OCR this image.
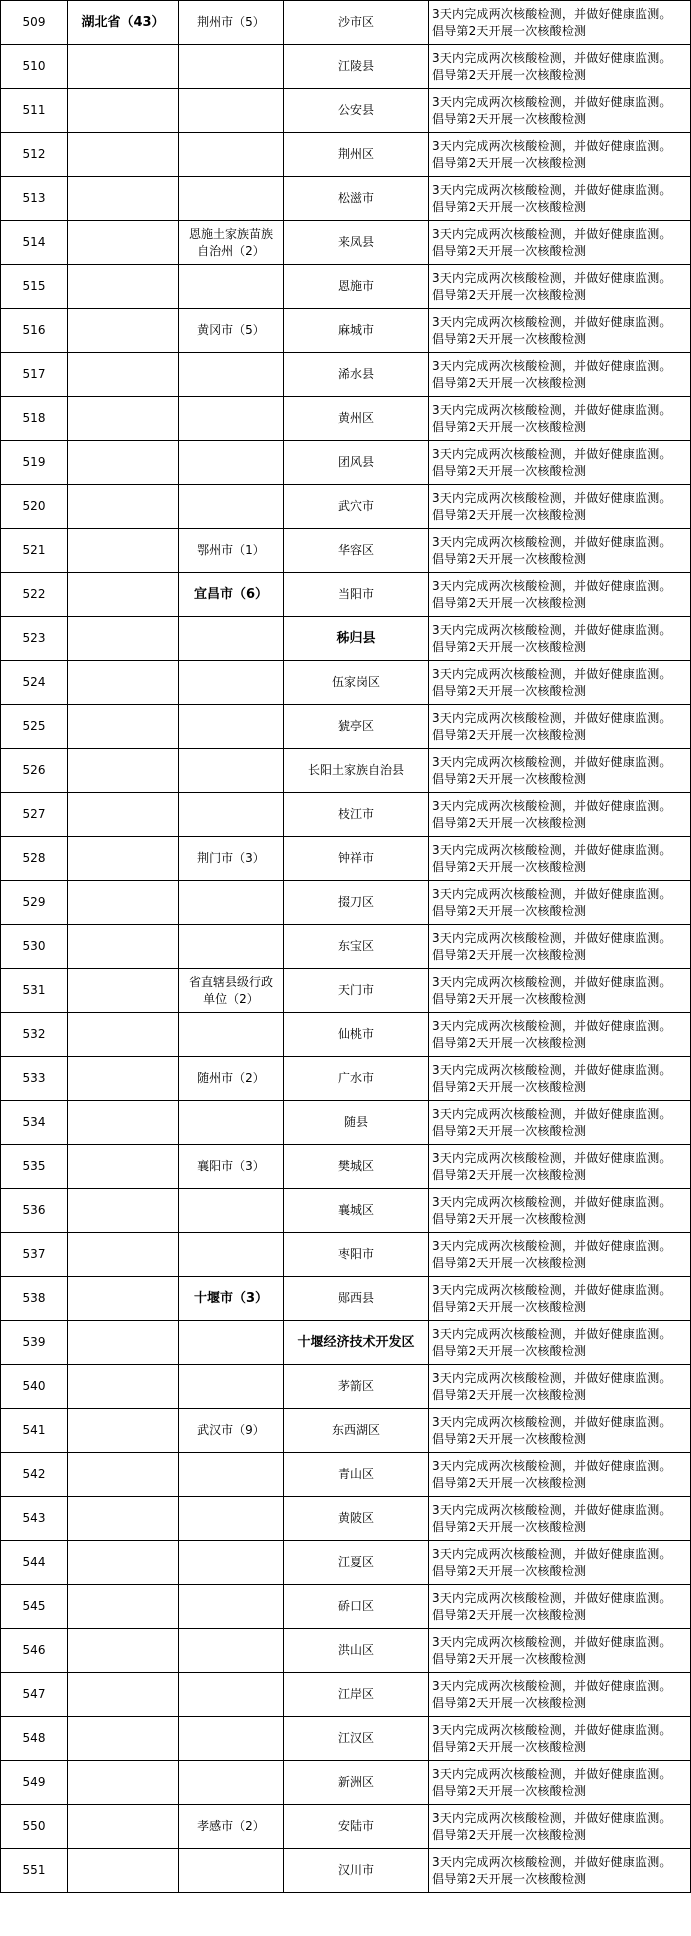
509	湖北省（43）	荆州市（5）	沙市区	3天内完成两次核酸检测，并做好健康监测。
倡导第2天开展一次核酸检测

510			江陵县	3天内完成两次核酸检测，并做好健康监测。
倡导第2天开展一次核酸检测

511			公安县	3天内完成两次核酸检测，并做好健康监测。
倡导第2天开展一次核酸检测

512			荆州区	3天内完成两次核酸检测，并做好健康监测。
倡导第2天开展一次核酸检测

513			松滋市	3天内完成两次核酸检测，并做好健康监测。
倡导第2天开展一次核酸检测

514		恩施土家族苗族自治州（2）	来凤县	3天内完成两次核酸检测，并做好健康监测。
倡导第2天开展一次核酸检测

515			恩施市	3天内完成两次核酸检测，并做好健康监测。
倡导第2天开展一次核酸检测

516		黄冈市（5）	麻城市	3天内完成两次核酸检测，并做好健康监测。
倡导第2天开展一次核酸检测

517			浠水县	3天内完成两次核酸检测，并做好健康监测。
倡导第2天开展一次核酸检测

518			黄州区	3天内完成两次核酸检测，并做好健康监测。
倡导第2天开展一次核酸检测

519			团风县	3天内完成两次核酸检测，并做好健康监测。
倡导第2天开展一次核酸检测

520			武穴市	3天内完成两次核酸检测，并做好健康监测。
倡导第2天开展一次核酸检测

521		鄂州市（1）	华容区	3天内完成两次核酸检测，并做好健康监测。
倡导第2天开展一次核酸检测

522		宜昌市（6）	当阳市	3天内完成两次核酸检测，并做好健康监测。
倡导第2天开展一次核酸检测

523			秭归县	3天内完成两次核酸检测，并做好健康监测。
倡导第2天开展一次核酸检测

524			伍家岗区	3天内完成两次核酸检测，并做好健康监测。
倡导第2天开展一次核酸检测

525			猇亭区	3天内完成两次核酸检测，并做好健康监测。
倡导第2天开展一次核酸检测

526			长阳土家族自治县	3天内完成两次核酸检测，并做好健康监测。
倡导第2天开展一次核酸检测

527			枝江市	3天内完成两次核酸检测，并做好健康监测。
倡导第2天开展一次核酸检测

528		荆门市（3）	钟祥市	3天内完成两次核酸检测，并做好健康监测。
倡导第2天开展一次核酸检测

529			掇刀区	3天内完成两次核酸检测，并做好健康监测。
倡导第2天开展一次核酸检测

530			东宝区	3天内完成两次核酸检测，并做好健康监测。
倡导第2天开展一次核酸检测

531		省直辖县级行政单位（2）	天门市	3天内完成两次核酸检测，并做好健康监测。
倡导第2天开展一次核酸检测

532			仙桃市	3天内完成两次核酸检测，并做好健康监测。
倡导第2天开展一次核酸检测

533		随州市（2）	广水市	3天内完成两次核酸检测，并做好健康监测。
倡导第2天开展一次核酸检测

534			随县	3天内完成两次核酸检测，并做好健康监测。
倡导第2天开展一次核酸检测

535		襄阳市（3）	樊城区	3天内完成两次核酸检测，并做好健康监测。
倡导第2天开展一次核酸检测

536			襄城区	3天内完成两次核酸检测，并做好健康监测。
倡导第2天开展一次核酸检测

537			枣阳市	3天内完成两次核酸检测，并做好健康监测。
倡导第2天开展一次核酸检测

538		十堰市（3）	郧西县	3天内完成两次核酸检测，并做好健康监测。
倡导第2天开展一次核酸检测

539			十堰经济技术开发区	3天内完成两次核酸检测，并做好健康监测。
倡导第2天开展一次核酸检测

540			茅箭区	3天内完成两次核酸检测，并做好健康监测。
倡导第2天开展一次核酸检测

541		武汉市（9）	东西湖区	3天内完成两次核酸检测，并做好健康监测。
倡导第2天开展一次核酸检测

542			青山区	3天内完成两次核酸检测，并做好健康监测。
倡导第2天开展一次核酸检测

543			黄陂区	3天内完成两次核酸检测，并做好健康监测。
倡导第2天开展一次核酸检测

544			江夏区	3天内完成两次核酸检测，并做好健康监测。
倡导第2天开展一次核酸检测

545			硚口区	3天内完成两次核酸检测，并做好健康监测。
倡导第2天开展一次核酸检测

546			洪山区	3天内完成两次核酸检测，并做好健康监测。
倡导第2天开展一次核酸检测

547			江岸区	3天内完成两次核酸检测，并做好健康监测。
倡导第2天开展一次核酸检测

548			江汉区	3天内完成两次核酸检测，并做好健康监测。
倡导第2天开展一次核酸检测

549			新洲区	3天内完成两次核酸检测，并做好健康监测。
倡导第2天开展一次核酸检测

550		孝感市（2）	安陆市	3天内完成两次核酸检测，并做好健康监测。
倡导第2天开展一次核酸检测

551			汉川市	3天内完成两次核酸检测，并做好健康监测。
倡导第2天开展一次核酸检测
